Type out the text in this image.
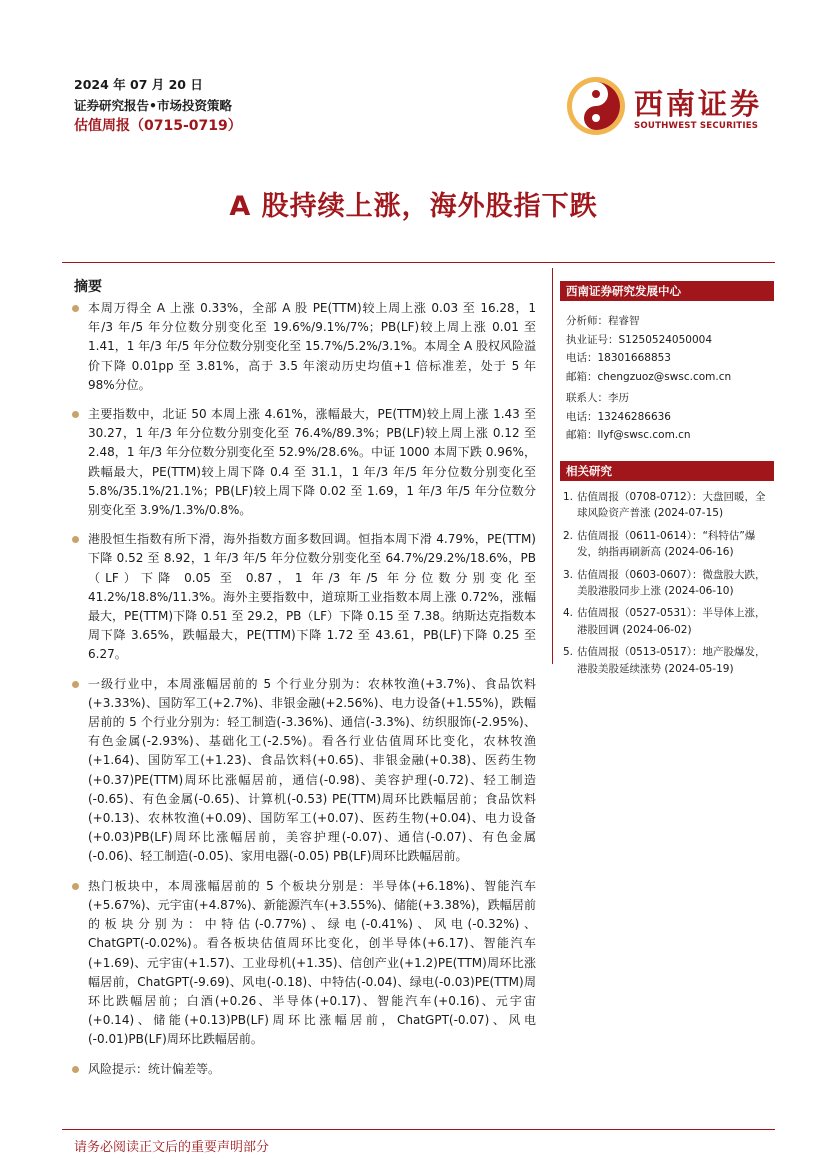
2024 年 07 月 20 日
证券研究报告•市场投资策略
估值周报（0715-0719）
西南证券
SOUTHWEST SECURITIES
A 股持续上涨，海外股指下跌
摘要
本周万得全 A 上涨 0.33%，全部 A 股 PE(TTM)较上周上涨 0.03 至 16.28，1 年/3 年/5 年分位数分别变化至 19.6%/9.1%/7%；PB(LF)较上周上涨 0.01 至 1.41，1 年/3 年/5 年分位数分别变化至 15.7%/5.2%/3.1%。本周全 A 股权风险溢价下降 0.01pp 至 3.81%，高于 3.5 年滚动历史均值+1 倍标准差，处于 5 年 98%分位。
主要指数中，北证 50 本周上涨 4.61%，涨幅最大，PE(TTM)较上周上涨 1.43 至 30.27，1 年/3 年分位数分别变化至 76.4%/89.3%；PB(LF)较上周上涨 0.12 至 2.48，1 年/3 年分位数分别变化至 52.9%/28.6%。中证 1000 本周下跌 0.96%，跌幅最大，PE(TTM)较上周下降 0.4 至 31.1，1 年/3 年/5 年分位数分别变化至 5.8%/35.1%/21.1%；PB(LF)较上周下降 0.02 至 1.69，1 年/3 年/5 年分位数分别变化至 3.9%/1.3%/0.8%。
港股恒生指数有所下滑，海外指数方面多数回调。恒指本周下滑 4.79%，PE(TTM)下降 0.52 至 8.92，1 年/3 年/5 年分位数分别变化至 64.7%/29.2%/18.6%，PB（LF）下降 0.05 至 0.87，1 年/3 年/5 年分位数分别变化至 41.2%/18.8%/11.3%。海外主要指数中，道琼斯工业指数本周上涨 0.72%，涨幅最大，PE(TTM)下降 0.51 至 29.2，PB（LF）下降 0.15 至 7.38。纳斯达克指数本周下降 3.65%，跌幅最大，PE(TTM)下降 1.72 至 43.61，PB(LF)下降 0.25 至 6.27。
一级行业中，本周涨幅居前的 5 个行业分别为：农林牧渔(+3.7%)、食品饮料(+3.33%)、国防军工(+2.7%)、非银金融(+2.56%)、电力设备(+1.55%)，跌幅居前的 5 个行业分别为：轻工制造(-3.36%)、通信(-3.3%)、纺织服饰(-2.95%)、有色金属(-2.93%)、基础化工(-2.5%)。看各行业估值周环比变化，农林牧渔(+1.64)、国防军工(+1.23)、食品饮料(+0.65)、非银金融(+0.38)、医药生物(+0.37)PE(TTM)周环比涨幅居前，通信(-0.98)、美容护理(-0.72)、轻工制造(-0.65)、有色金属(-0.65)、计算机(-0.53) PE(TTM)周环比跌幅居前；食品饮料(+0.13)、农林牧渔(+0.09)、国防军工(+0.07)、医药生物(+0.04)、电力设备(+0.03)PB(LF)周环比涨幅居前，美容护理(-0.07)、通信(-0.07)、有色金属(-0.06)、轻工制造(-0.05)、家用电器(-0.05) PB(LF)周环比跌幅居前。
热门板块中，本周涨幅居前的 5 个板块分别是：半导体(+6.18%)、智能汽车(+5.67%)、元宇宙(+4.87%)、新能源汽车(+3.55%)、储能(+3.38%)，跌幅居前的板块分别为：中特估(-0.77%)、绿电(-0.41%)、风电(-0.32%)、ChatGPT(-0.02%)。看各板块估值周环比变化，创半导体(+6.17)、智能汽车(+1.69)、元宇宙(+1.57)、工业母机(+1.35)、信创产业(+1.2)PE(TTM)周环比涨幅居前，ChatGPT(-9.69)、风电(-0.18)、中特估(-0.04)、绿电(-0.03)PE(TTM)周环比跌幅居前；白酒(+0.26、半导体(+0.17)、智能汽车(+0.16)、元宇宙(+0.14)、储能(+0.13)PB(LF)周环比涨幅居前，ChatGPT(-0.07)、风电(-0.01)PB(LF)周环比跌幅居前。
风险提示：统计偏差等。
西南证券研究发展中心
分析师：程睿智
执业证号：S1250524050004
电话：18301668853
邮箱：chengzuoz@swsc.com.cn
联系人：李历
电话：13246286636
邮箱：llyf@swsc.com.cn
相关研究
1. 估值周报（0708-0712）：大盘回暖，全球风险资产普涨 (2024-07-15)
2. 估值周报（0611-0614）：“科特估”爆发，纳指再刷新高 (2024-06-16)
3. 估值周报（0603-0607）：微盘股大跌，美股港股同步上涨 (2024-06-10)
4. 估值周报（0527-0531）：半导体上涨，港股回调 (2024-06-02)
5. 估值周报（0513-0517）：地产股爆发，港股美股延续涨势 (2024-05-19)
请务必阅读正文后的重要声明部分
